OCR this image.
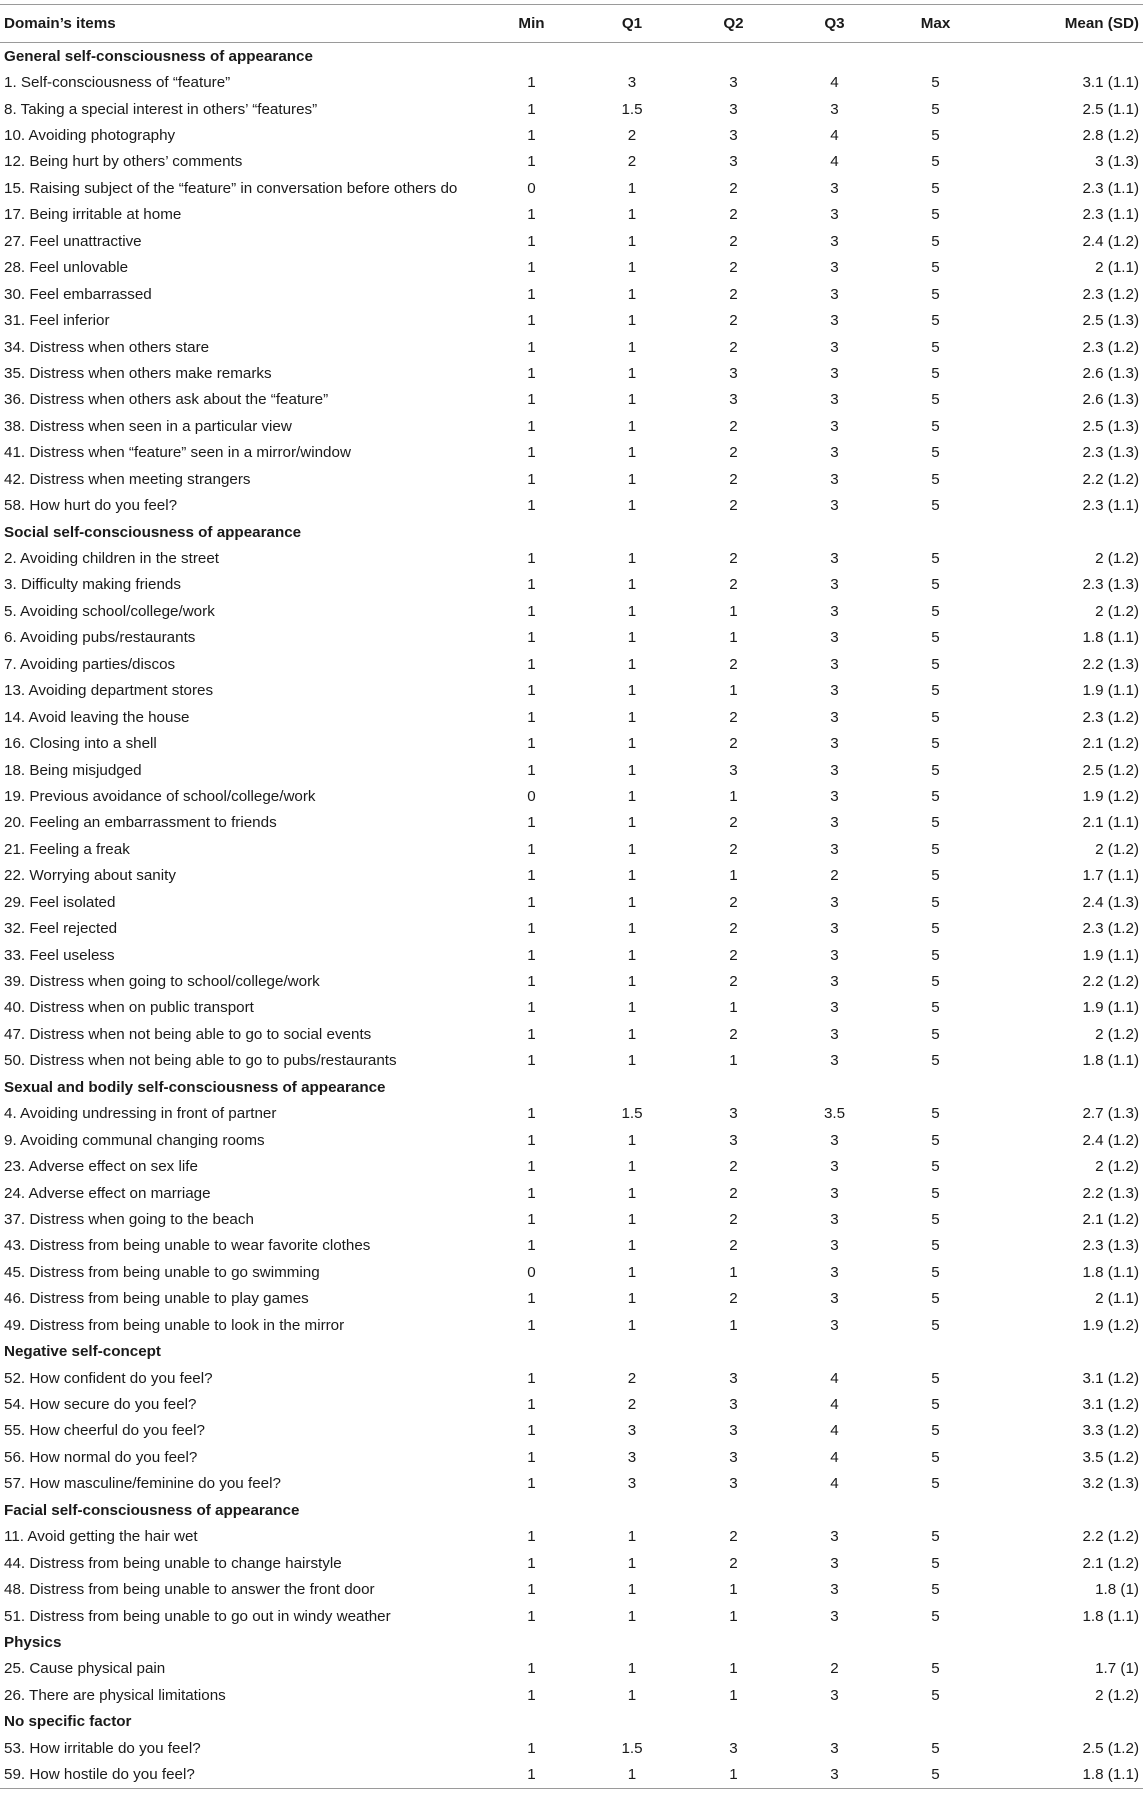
Domain’s items	Min	Q1	Q2	Q3	Max	Mean (SD)
General self-consciousness of appearance						
1. Self-consciousness of “feature”	1	3	3	4	5	3.1 (1.1)
8. Taking a special interest in others’ “features”	1	1.5	3	3	5	2.5 (1.1)
10. Avoiding photography	1	2	3	4	5	2.8 (1.2)
12. Being hurt by others’ comments	1	2	3	4	5	3 (1.3)
15. Raising subject of the “feature” in conversation before others do	0	1	2	3	5	2.3 (1.1)
17. Being irritable at home	1	1	2	3	5	2.3 (1.1)
27. Feel unattractive	1	1	2	3	5	2.4 (1.2)
28. Feel unlovable	1	1	2	3	5	2 (1.1)
30. Feel embarrassed	1	1	2	3	5	2.3 (1.2)
31. Feel inferior	1	1	2	3	5	2.5 (1.3)
34. Distress when others stare	1	1	2	3	5	2.3 (1.2)
35. Distress when others make remarks	1	1	3	3	5	2.6 (1.3)
36. Distress when others ask about the “feature”	1	1	3	3	5	2.6 (1.3)
38. Distress when seen in a particular view	1	1	2	3	5	2.5 (1.3)
41. Distress when “feature” seen in a mirror/window	1	1	2	3	5	2.3 (1.3)
42. Distress when meeting strangers	1	1	2	3	5	2.2 (1.2)
58. How hurt do you feel?	1	1	2	3	5	2.3 (1.1)
Social self-consciousness of appearance						
2. Avoiding children in the street	1	1	2	3	5	2 (1.2)
3. Difficulty making friends	1	1	2	3	5	2.3 (1.3)
5. Avoiding school/college/work	1	1	1	3	5	2 (1.2)
6. Avoiding pubs/restaurants	1	1	1	3	5	1.8 (1.1)
7. Avoiding parties/discos	1	1	2	3	5	2.2 (1.3)
13. Avoiding department stores	1	1	1	3	5	1.9 (1.1)
14. Avoid leaving the house	1	1	2	3	5	2.3 (1.2)
16. Closing into a shell	1	1	2	3	5	2.1 (1.2)
18. Being misjudged	1	1	3	3	5	2.5 (1.2)
19. Previous avoidance of school/college/work	0	1	1	3	5	1.9 (1.2)
20. Feeling an embarrassment to friends	1	1	2	3	5	2.1 (1.1)
21. Feeling a freak	1	1	2	3	5	2 (1.2)
22. Worrying about sanity	1	1	1	2	5	1.7 (1.1)
29. Feel isolated	1	1	2	3	5	2.4 (1.3)
32. Feel rejected	1	1	2	3	5	2.3 (1.2)
33. Feel useless	1	1	2	3	5	1.9 (1.1)
39. Distress when going to school/college/work	1	1	2	3	5	2.2 (1.2)
40. Distress when on public transport	1	1	1	3	5	1.9 (1.1)
47. Distress when not being able to go to social events	1	1	2	3	5	2 (1.2)
50. Distress when not being able to go to pubs/restaurants	1	1	1	3	5	1.8 (1.1)
Sexual and bodily self-consciousness of appearance						
4. Avoiding undressing in front of partner	1	1.5	3	3.5	5	2.7 (1.3)
9. Avoiding communal changing rooms	1	1	3	3	5	2.4 (1.2)
23. Adverse effect on sex life	1	1	2	3	5	2 (1.2)
24. Adverse effect on marriage	1	1	2	3	5	2.2 (1.3)
37. Distress when going to the beach	1	1	2	3	5	2.1 (1.2)
43. Distress from being unable to wear favorite clothes	1	1	2	3	5	2.3 (1.3)
45. Distress from being unable to go swimming	0	1	1	3	5	1.8 (1.1)
46. Distress from being unable to play games	1	1	2	3	5	2 (1.1)
49. Distress from being unable to look in the mirror	1	1	1	3	5	1.9 (1.2)
Negative self-concept						
52. How confident do you feel?	1	2	3	4	5	3.1 (1.2)
54. How secure do you feel?	1	2	3	4	5	3.1 (1.2)
55. How cheerful do you feel?	1	3	3	4	5	3.3 (1.2)
56. How normal do you feel?	1	3	3	4	5	3.5 (1.2)
57. How masculine/feminine do you feel?	1	3	3	4	5	3.2 (1.3)
Facial self-consciousness of appearance						
11. Avoid getting the hair wet	1	1	2	3	5	2.2 (1.2)
44. Distress from being unable to change hairstyle	1	1	2	3	5	2.1 (1.2)
48. Distress from being unable to answer the front door	1	1	1	3	5	1.8 (1)
51. Distress from being unable to go out in windy weather	1	1	1	3	5	1.8 (1.1)
Physics						
25. Cause physical pain	1	1	1	2	5	1.7 (1)
26. There are physical limitations	1	1	1	3	5	2 (1.2)
No specific factor						
53. How irritable do you feel?	1	1.5	3	3	5	2.5 (1.2)
59. How hostile do you feel?	1	1	1	3	5	1.8 (1.1)
